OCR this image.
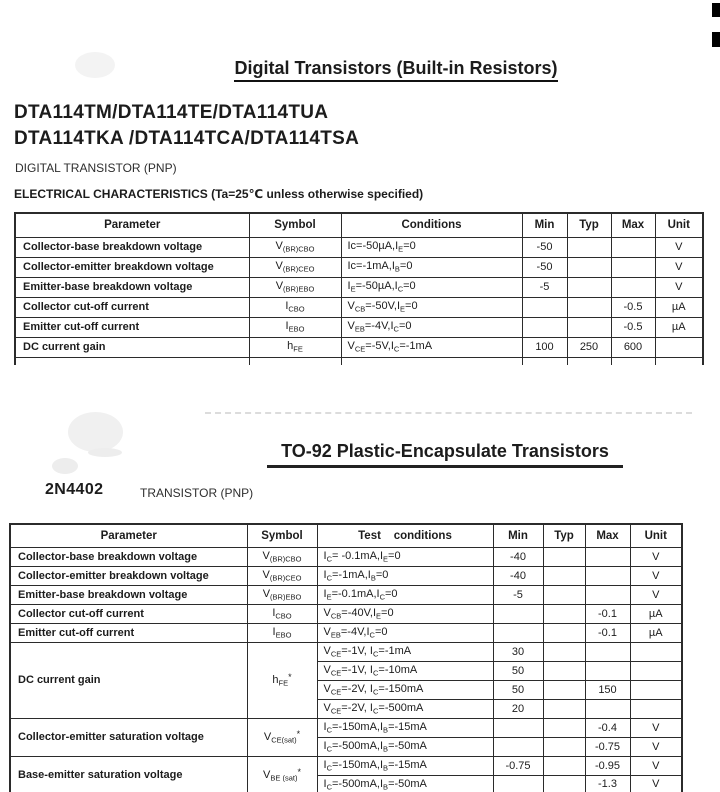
Digital Transistors (Built-in Resistors)
DTA114TM/DTA114TE/DTA114TUA
DTA114TKA /DTA114TCA/DTA114TSA
DIGITAL TRANSISTOR (PNP)
ELECTRICAL CHARACTERISTICS (Ta=25℃ unless otherwise specified)
Parameter	Symbol	Conditions	Min	Typ	Max	Unit
Collector-base breakdown voltage	$V_{(BR)CBO}$	$Ic=-50\mu A,I_E=0$	-50			V
Collector-emitter breakdown voltage	$V_{(BR)CEO}$	$Ic=-1mA,I_B=0$	-50			V
Emitter-base breakdown voltage	$V_{(BR)EBO}$	$I_E=-50\mu A,I_C=0$	-5			V
Collector cut-off current	$I_{CBO}$	$V_{CB}=-50V,I_E=0$			-0.5	µA
Emitter cut-off current	$I_{EBO}$	$V_{EB}=-4V,I_C=0$			-0.5	µA
DC current gain	$h_{FE}$	$V_{CE}=-5V,I_C=-1mA$	100	250	600	

TO-92 Plastic-Encapsulate Transistors
2N4402	TRANSISTOR (PNP)
Parameter	Symbol	Test    conditions	Min	Typ	Max	Unit
Collector-base breakdown voltage	$V_{(BR)CBO}$	$I_C= -0.1mA,I_E=0$	-40			V
Collector-emitter breakdown voltage	$V_{(BR)CEO}$	$I_C=-1mA,I_B=0$	-40			V
Emitter-base breakdown voltage	$V_{(BR)EBO}$	$I_E=-0.1mA,I_C=0$	-5			V
Collector cut-off current	$I_{CBO}$	$V_{CB}=-40V,I_E=0$			-0.1	µA
Emitter cut-off current	$I_{EBO}$	$V_{EB}=-4V,I_C=0$			-0.1	µA
DC current gain	$h_{FE}^*$	$V_{CE}=-1V$, $I_C=-1mA$	30			
		$V_{CE}=-1V$, $I_C=-10mA$	50			
		$V_{CE}=-2V$, $I_C=-150mA$	50		150	
		$V_{CE}=-2V$, $I_C=-500mA$	20			
Collector-emitter saturation voltage	$V_{CE(sat)}^*$	$I_C=-150mA,I_B=-15mA$			-0.4	V
		$I_C=-500mA,I_B=-50mA$			-0.75	V
Base-emitter saturation voltage	$V_{BE (sat)}^*$	$I_C=-150mA,I_B=-15mA$	-0.75		-0.95	V
		$I_C=-500mA,I_B=-50mA$			-1.3	V
